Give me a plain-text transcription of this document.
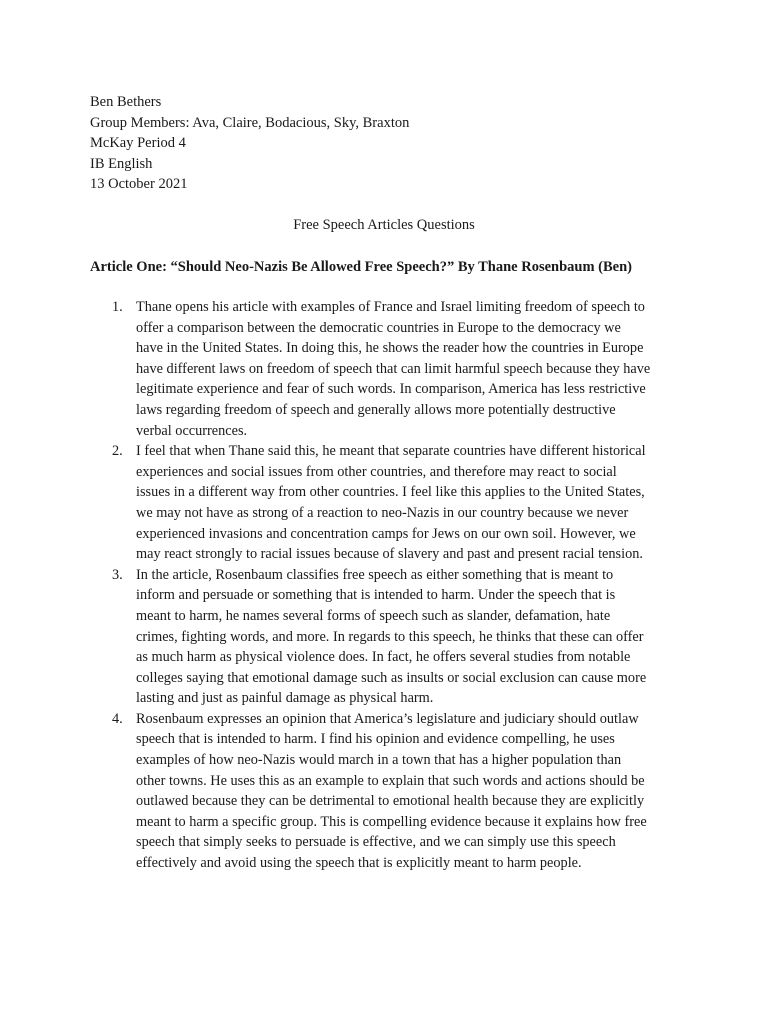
Ben Bethers
Group Members: Ava, Claire, Bodacious, Sky, Braxton
McKay Period 4
IB English
13 October 2021
Free Speech Articles Questions
Article One: “Should Neo-Nazis Be Allowed Free Speech?” By Thane Rosenbaum (Ben)
1. Thane opens his article with examples of France and Israel limiting freedom of speech to
offer a comparison between the democratic countries in Europe to the democracy we
have in the United States. In doing this, he shows the reader how the countries in Europe
have different laws on freedom of speech that can limit harmful speech because they have
legitimate experience and fear of such words. In comparison, America has less restrictive
laws regarding freedom of speech and generally allows more potentially destructive
verbal occurrences.
2. I feel that when Thane said this, he meant that separate countries have different historical
experiences and social issues from other countries, and therefore may react to social
issues in a different way from other countries. I feel like this applies to the United States,
we may not have as strong of a reaction to neo-Nazis in our country because we never
experienced invasions and concentration camps for Jews on our own soil. However, we
may react strongly to racial issues because of slavery and past and present racial tension.
3. In the article, Rosenbaum classifies free speech as either something that is meant to
inform and persuade or something that is intended to harm. Under the speech that is
meant to harm, he names several forms of speech such as slander, defamation, hate
crimes, fighting words, and more. In regards to this speech, he thinks that these can offer
as much harm as physical violence does. In fact, he offers several studies from notable
colleges saying that emotional damage such as insults or social exclusion can cause more
lasting and just as painful damage as physical harm.
4. Rosenbaum expresses an opinion that America’s legislature and judiciary should outlaw
speech that is intended to harm. I find his opinion and evidence compelling, he uses
examples of how neo-Nazis would march in a town that has a higher population than
other towns. He uses this as an example to explain that such words and actions should be
outlawed because they can be detrimental to emotional health because they are explicitly
meant to harm a specific group. This is compelling evidence because it explains how free
speech that simply seeks to persuade is effective, and we can simply use this speech
effectively and avoid using the speech that is explicitly meant to harm people.
